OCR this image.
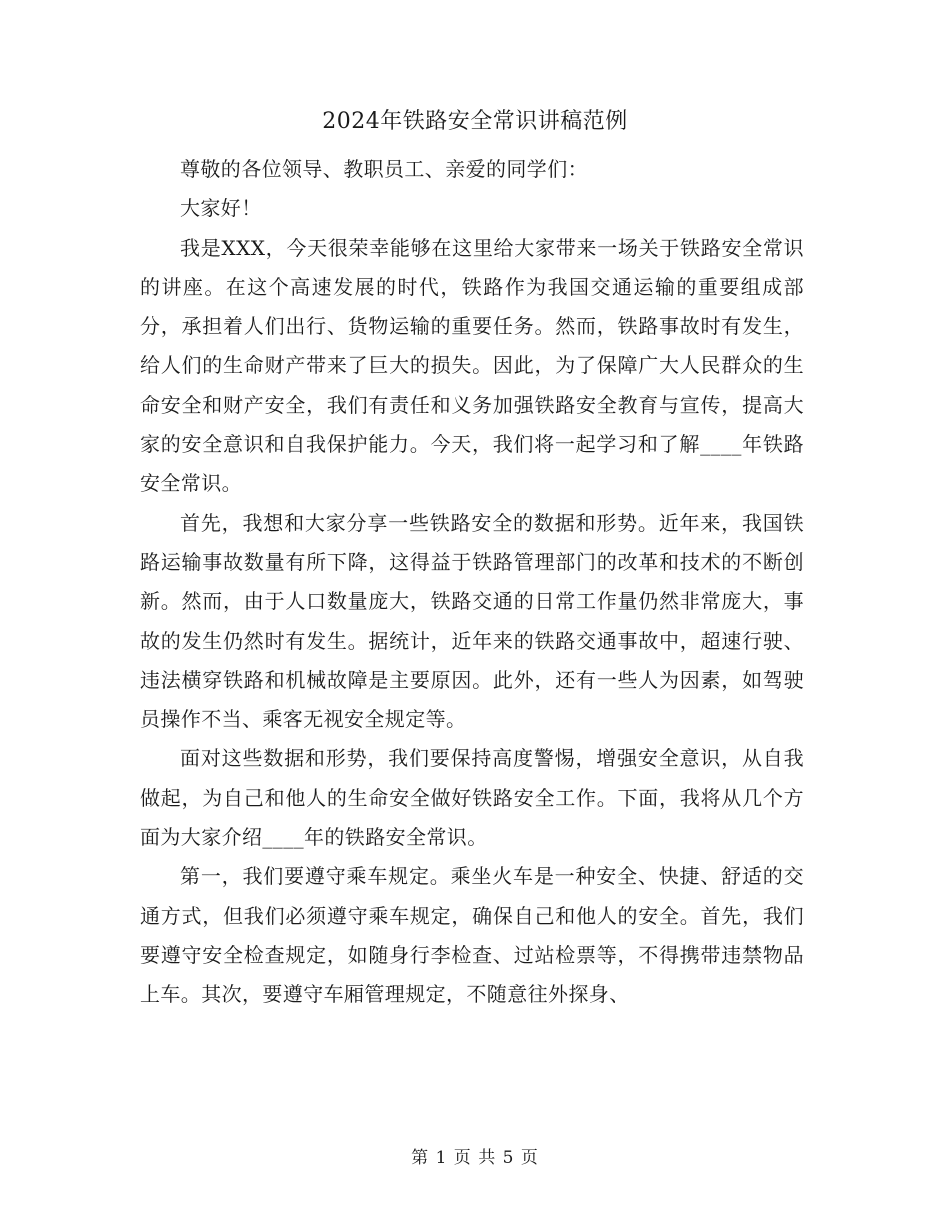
2024年铁路安全常识讲稿范例

尊敬的各位领导、教职员工、亲爱的同学们：

大家好！

我是XXX，今天很荣幸能够在这里给大家带来一场关于铁路安全常识的讲座。在这个高速发展的时代，铁路作为我国交通运输的重要组成部分，承担着人们出行、货物运输的重要任务。然而，铁路事故时有发生，给人们的生命财产带来了巨大的损失。因此，为了保障广大人民群众的生命安全和财产安全，我们有责任和义务加强铁路安全教育与宣传，提高大家的安全意识和自我保护能力。今天，我们将一起学习和了解____年铁路安全常识。

首先，我想和大家分享一些铁路安全的数据和形势。近年来，我国铁路运输事故数量有所下降，这得益于铁路管理部门的改革和技术的不断创新。然而，由于人口数量庞大，铁路交通的日常工作量仍然非常庞大，事故的发生仍然时有发生。据统计，近年来的铁路交通事故中，超速行驶、违法横穿铁路和机械故障是主要原因。此外，还有一些人为因素，如驾驶员操作不当、乘客无视安全规定等。

面对这些数据和形势，我们要保持高度警惕，增强安全意识，从自我做起，为自己和他人的生命安全做好铁路安全工作。下面，我将从几个方面为大家介绍____年的铁路安全常识。

第一，我们要遵守乘车规定。乘坐火车是一种安全、快捷、舒适的交通方式，但我们必须遵守乘车规定，确保自己和他人的安全。首先，我们要遵守安全检查规定，如随身行李检查、过站检票等，不得携带违禁物品上车。其次，要遵守车厢管理规定，不随意往外探身、

第 1 页 共 5 页
